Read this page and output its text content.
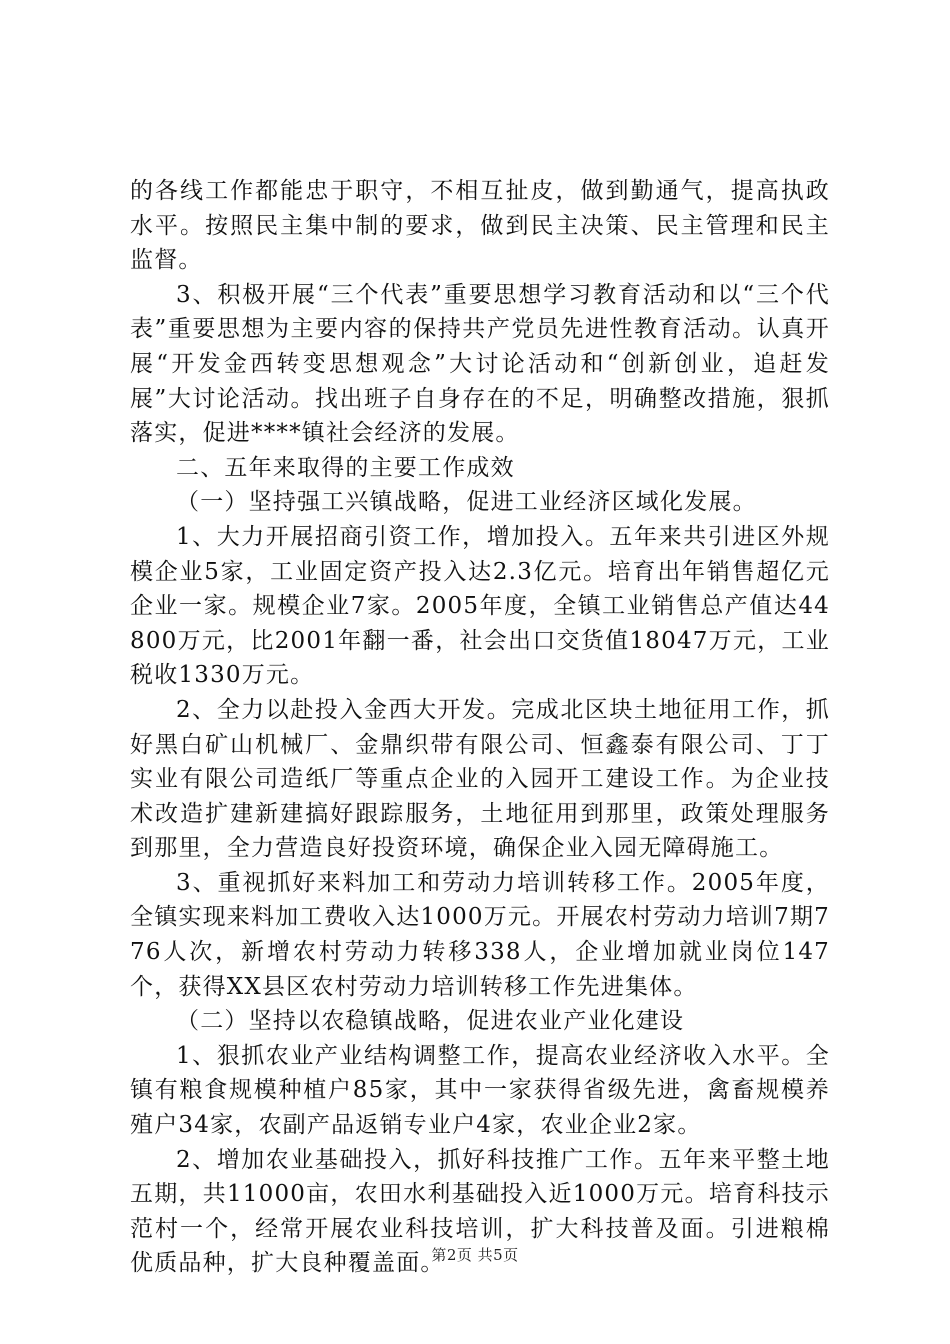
的各线工作都能忠于职守，不相互扯皮，做到勤通气，提高执政水平。按照民主集中制的要求，做到民主决策、民主管理和民主监督。

3、积极开展“三个代表”重要思想学习教育活动和以“三个代表”重要思想为主要内容的保持共产党员先进性教育活动。认真开展“开发金西转变思想观念”大讨论活动和“创新创业，追赶发展”大讨论活动。找出班子自身存在的不足，明确整改措施，狠抓落实，促进****镇社会经济的发展。

二、五年来取得的主要工作成效

（一）坚持强工兴镇战略，促进工业经济区域化发展。

1、大力开展招商引资工作，增加投入。五年来共引进区外规模企业5家，工业固定资产投入达2.3亿元。培育出年销售超亿元企业一家。规模企业7家。2005年度，全镇工业销售总产值达44800万元，比2001年翻一番，社会出口交货值18047万元，工业税收1330万元。

2、全力以赴投入金西大开发。完成北区块土地征用工作，抓好黑白矿山机械厂、金鼎织带有限公司、恒鑫泰有限公司、丁丁实业有限公司造纸厂等重点企业的入园开工建设工作。为企业技术改造扩建新建搞好跟踪服务，土地征用到那里，政策处理服务到那里，全力营造良好投资环境，确保企业入园无障碍施工。

3、重视抓好来料加工和劳动力培训转移工作。2005年度，全镇实现来料加工费收入达1000万元。开展农村劳动力培训7期776人次，新增农村劳动力转移338人，企业增加就业岗位147个，获得XX县区农村劳动力培训转移工作先进集体。

（二）坚持以农稳镇战略，促进农业产业化建设

1、狠抓农业产业结构调整工作，提高农业经济收入水平。全镇有粮食规模种植户85家，其中一家获得省级先进，禽畜规模养殖户34家，农副产品返销专业户4家，农业企业2家。

2、增加农业基础投入，抓好科技推广工作。五年来平整土地五期，共11000亩，农田水利基础投入近1000万元。培育科技示范村一个，经常开展农业科技培训，扩大科技普及面。引进粮棉优质品种，扩大良种覆盖面。

第2页 共5页
